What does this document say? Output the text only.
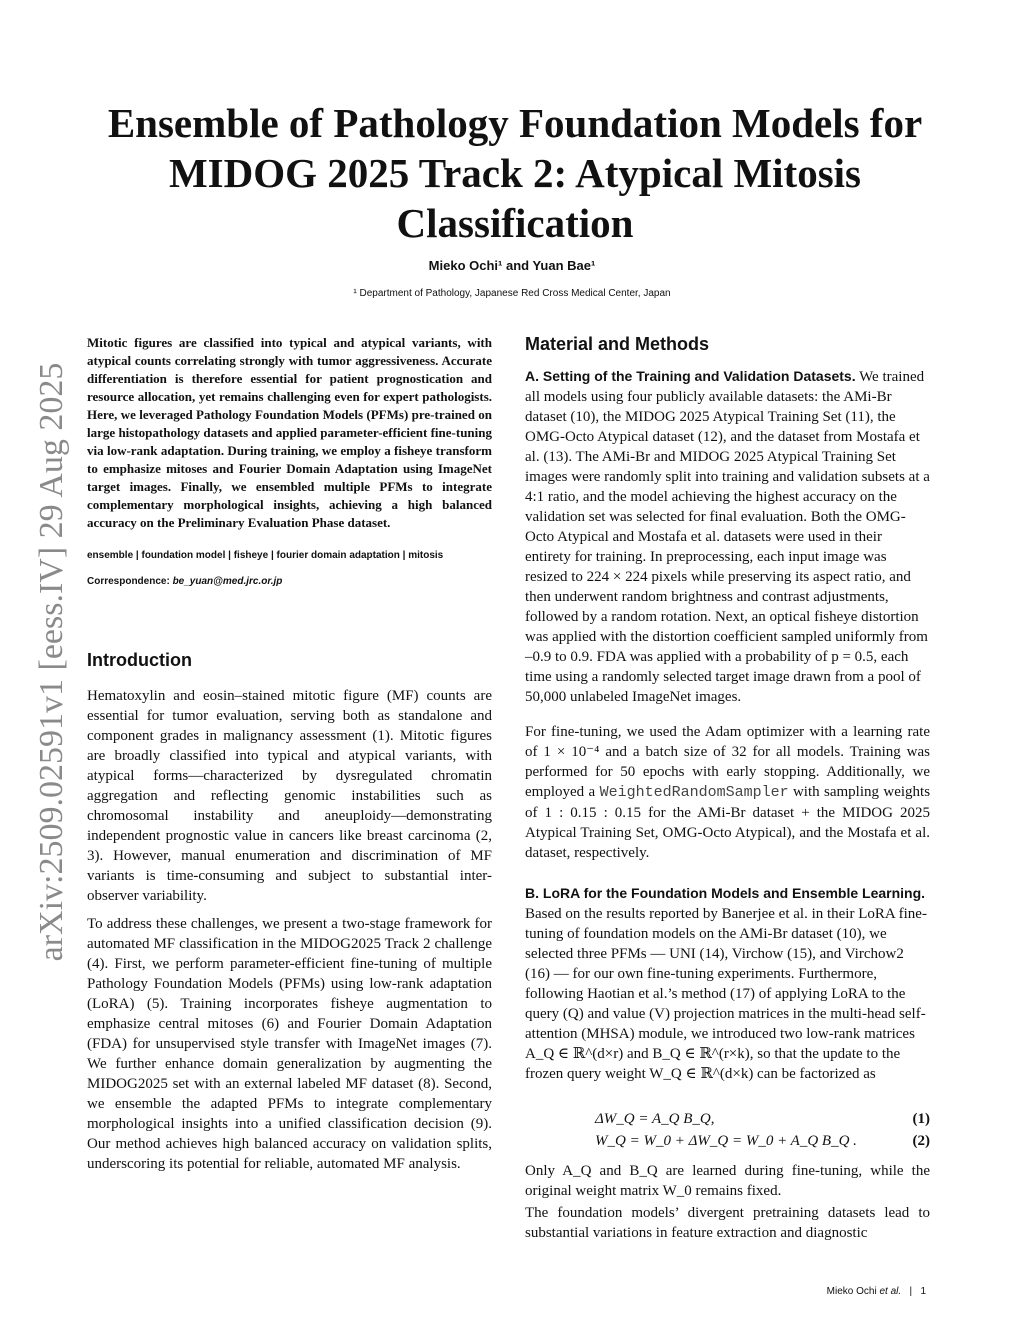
arXiv:2509.02591v1 [eess.IV] 29 Aug 2025
Ensemble of Pathology Foundation Models for MIDOG 2025 Track 2: Atypical Mitosis Classification
Mieko Ochi¹ and Yuan Bae¹
¹ Department of Pathology, Japanese Red Cross Medical Center, Japan

Mitotic figures are classified into typical and atypical variants, with atypical counts correlating strongly with tumor aggressiveness. Accurate differentiation is therefore essential for patient prognostication and resource allocation, yet remains challenging even for expert pathologists. Here, we leveraged Pathology Foundation Models (PFMs) pre-trained on large histopathology datasets and applied parameter-efficient fine-tuning via low-rank adaptation. During training, we employ a fisheye transform to emphasize mitoses and Fourier Domain Adaptation using ImageNet target images. Finally, we ensembled multiple PFMs to integrate complementary morphological insights, achieving a high balanced accuracy on the Preliminary Evaluation Phase dataset.

ensemble | foundation model | fisheye | fourier domain adaptation | mitosis

Correspondence: be_yuan@med.jrc.or.jp

Introduction

Hematoxylin and eosin–stained mitotic figure (MF) counts are essential for tumor evaluation, serving both as standalone and component grades in malignancy assessment (1). Mitotic figures are broadly classified into typical and atypical variants, with atypical forms—characterized by dysregulated chromatin aggregation and reflecting genomic instabilities such as chromosomal instability and aneuploidy—demonstrating independent prognostic value in cancers like breast carcinoma (2, 3). However, manual enumeration and discrimination of MF variants is time-consuming and subject to substantial inter-observer variability.

To address these challenges, we present a two-stage framework for automated MF classification in the MIDOG2025 Track 2 challenge (4). First, we perform parameter-efficient fine-tuning of multiple Pathology Foundation Models (PFMs) using low-rank adaptation (LoRA) (5). Training incorporates fisheye augmentation to emphasize central mitoses (6) and Fourier Domain Adaptation (FDA) for unsupervised style transfer with ImageNet images (7). We further enhance domain generalization by augmenting the MIDOG2025 set with an external labeled MF dataset (8). Second, we ensemble the adapted PFMs to integrate complementary morphological insights into a unified classification decision (9). Our method achieves high balanced accuracy on validation splits, underscoring its potential for reliable, automated MF analysis.

Material and Methods

A. Setting of the Training and Validation Datasets. We trained all models using four publicly available datasets: the AMi-Br dataset (10), the MIDOG 2025 Atypical Training Set (11), the OMG-Octo Atypical dataset (12), and the dataset from Mostafa et al. (13). The AMi-Br and MIDOG 2025 Atypical Training Set images were randomly split into training and validation subsets at a 4:1 ratio, and the model achieving the highest accuracy on the validation set was selected for final evaluation. Both the OMG-Octo Atypical and Mostafa et al. datasets were used in their entirety for training. In preprocessing, each input image was resized to 224 × 224 pixels while preserving its aspect ratio, and then underwent random brightness and contrast adjustments, followed by a random rotation. Next, an optical fisheye distortion was applied with the distortion coefficient sampled uniformly from –0.9 to 0.9. FDA was applied with a probability of p = 0.5, each time using a randomly selected target image drawn from a pool of 50,000 unlabeled ImageNet images.

For fine-tuning, we used the Adam optimizer with a learning rate of 1 × 10⁻⁴ and a batch size of 32 for all models. Training was performed for 50 epochs with early stopping. Additionally, we employed a WeightedRandomSampler with sampling weights of 1 : 0.15 : 0.15 for the AMi-Br dataset + the MIDOG 2025 Atypical Training Set, OMG-Octo Atypical), and the Mostafa et al. dataset, respectively.

B. LoRA for the Foundation Models and Ensemble Learning. Based on the results reported by Banerjee et al. in their LoRA fine-tuning of foundation models on the AMi-Br dataset (10), we selected three PFMs — UNI (14), Virchow (15), and Virchow2 (16) — for our own fine-tuning experiments. Furthermore, following Haotian et al.’s method (17) of applying LoRA to the query (Q) and value (V) projection matrices in the multi-head self-attention (MHSA) module, we introduced two low-rank matrices A_Q ∈ ℝ^(d×r) and B_Q ∈ ℝ^(r×k), so that the update to the frozen query weight W_Q ∈ ℝ^(d×k) can be factorized as

ΔW_Q = A_Q B_Q,	(1)
W_Q = W_0 + ΔW_Q = W_0 + A_Q B_Q .	(2)

Only A_Q and B_Q are learned during fine-tuning, while the original weight matrix W_0 remains fixed.

The foundation models’ divergent pretraining datasets lead to substantial variations in feature extraction and diagnostic

Mieko Ochi et al. | 1
